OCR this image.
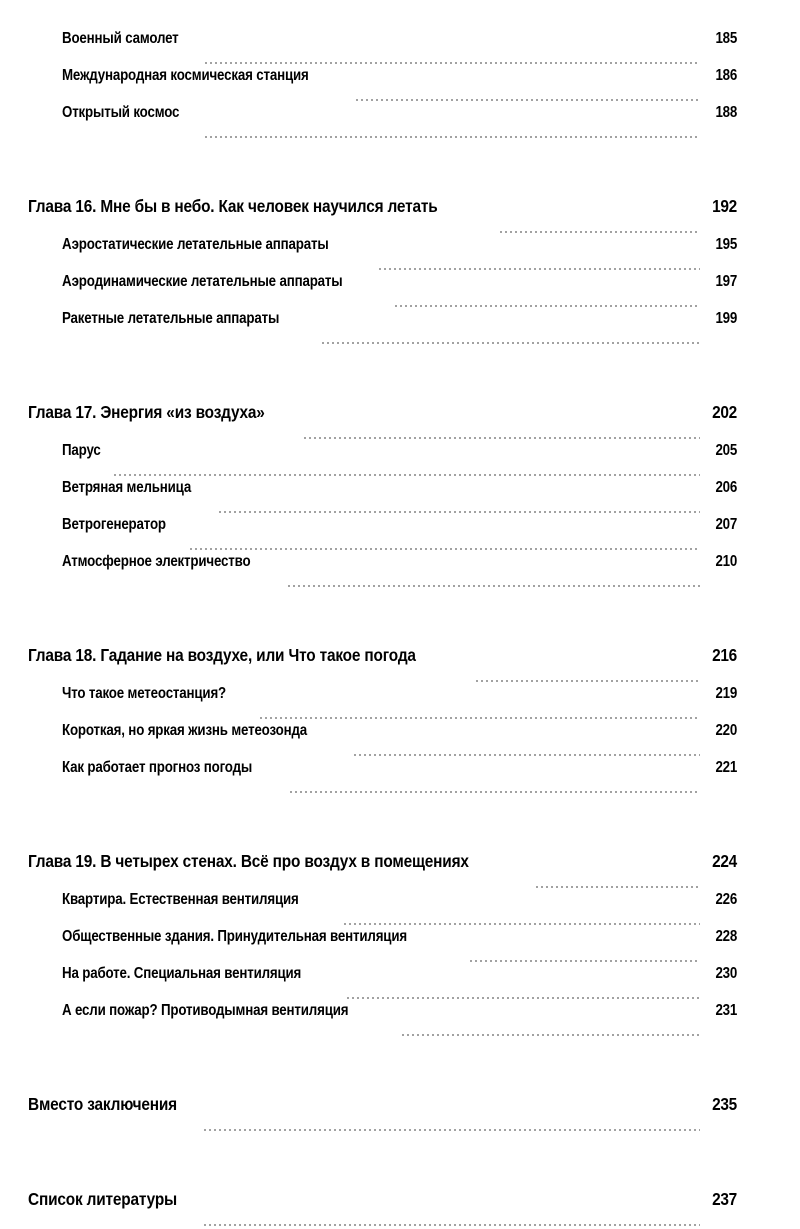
Военный самолет	185
Международная космическая станция	186
Открытый космос	188
Глава 16. Мне бы в небо. Как человек научился летать	192
Аэростатические летательные аппараты	195
Аэродинамические летательные аппараты	197
Ракетные летательные аппараты	199
Глава 17. Энергия «из воздуха»	202
Парус	205
Ветряная мельница	206
Ветрогенератор	207
Атмосферное электричество	210
Глава 18. Гадание на воздухе, или Что такое погода	216
Что такое метеостанция?	219
Короткая, но яркая жизнь метеозонда	220
Как работает прогноз погоды	221
Глава 19. В четырех стенах. Всё про воздух в помещениях	224
Квартира. Естественная вентиляция	226
Общественные здания. Принудительная вентиляция	228
На работе. Специальная вентиляция	230
А если пожар? Противодымная вентиляция	231
Вместо заключения	235
Список литературы	237
